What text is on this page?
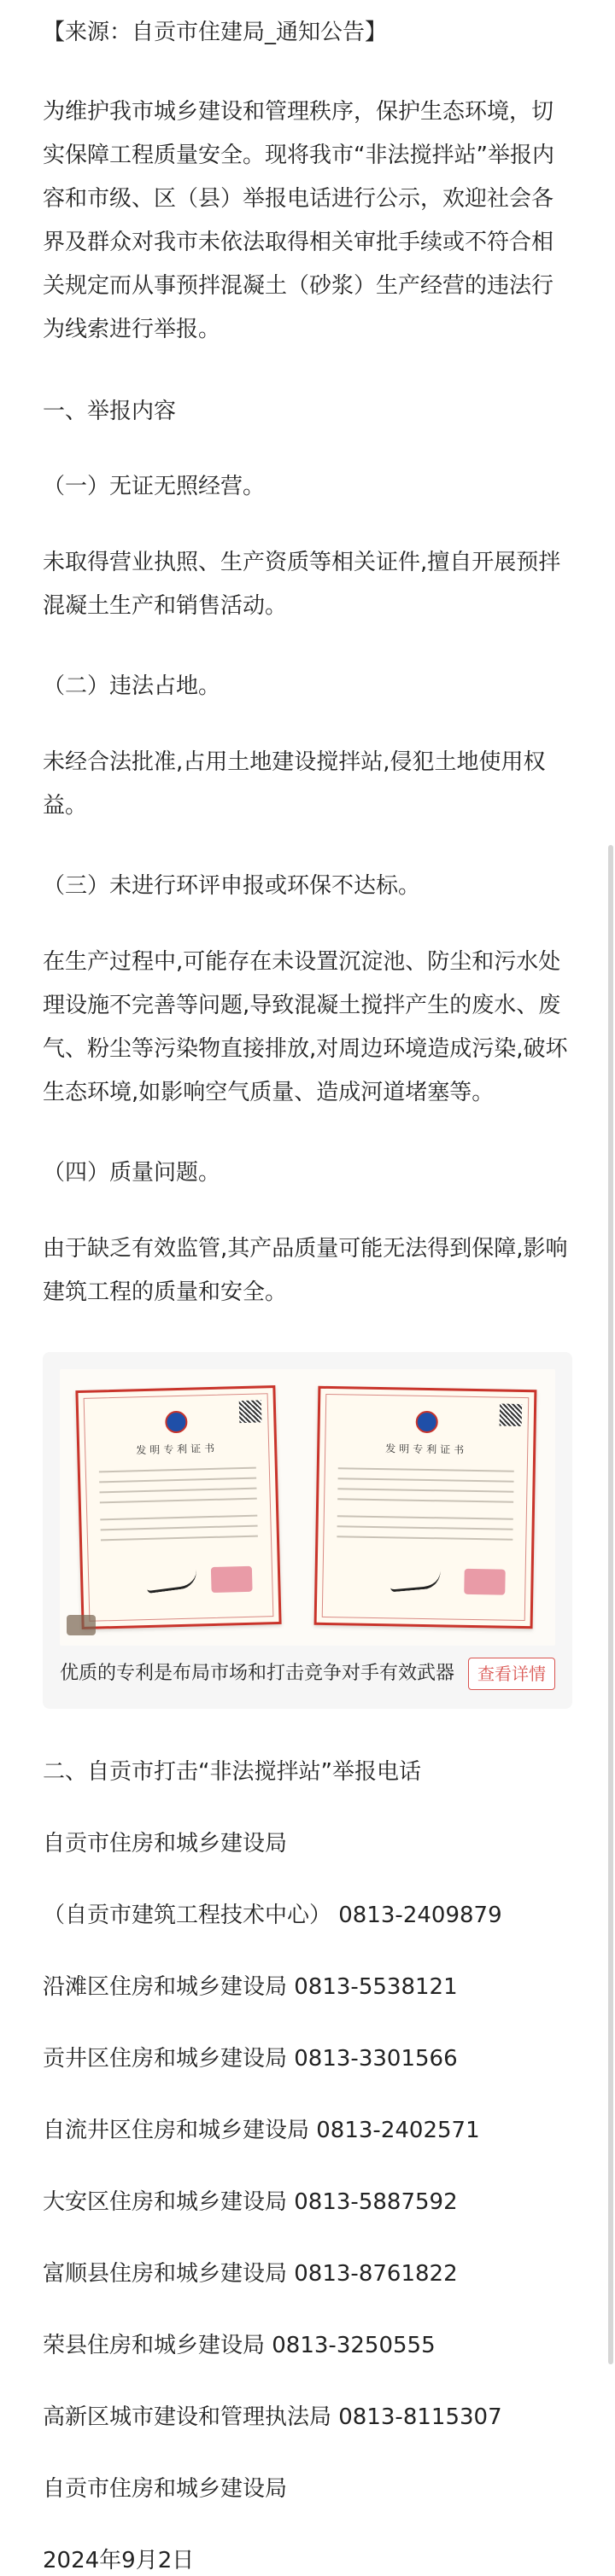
【来源：自贡市住建局_通知公告】

为维护我市城乡建设和管理秩序，保护生态环境，切实保障工程质量安全。现将我市“非法搅拌站”举报内容和市级、区（县）举报电话进行公示，欢迎社会各界及群众对我市未依法取得相关审批手续或不符合相关规定而从事预拌混凝土（砂浆）生产经营的违法行为线索进行举报。

一、举报内容

（一）无证无照经营。

未取得营业执照、生产资质等相关证件,擅自开展预拌混凝土生产和销售活动。

（二）违法占地。

未经合法批准,占用土地建设搅拌站,侵犯土地使用权益。

（三）未进行环评申报或环保不达标。

在生产过程中,可能存在未设置沉淀池、防尘和污水处理设施不完善等问题,导致混凝土搅拌产生的废水、废气、粉尘等污染物直接排放,对周边环境造成污染,破坏生态环境,如影响空气质量、造成河道堵塞等。

（四）质量问题。

由于缺乏有效监管,其产品质量可能无法得到保障,影响建筑工程的质量和安全。

发明专利证书	发明专利证书
优质的专利是布局市场和打击竞争对手有效武器	查看详情

二、自贡市打击“非法搅拌站”举报电话

自贡市住房和城乡建设局

（自贡市建筑工程技术中心） 0813-2409879

沿滩区住房和城乡建设局 0813-5538121

贡井区住房和城乡建设局 0813-3301566

自流井区住房和城乡建设局 0813-2402571

大安区住房和城乡建设局 0813-5887592

富顺县住房和城乡建设局 0813-8761822

荣县住房和城乡建设局 0813-3250555

高新区城市建设和管理执法局 0813-8115307

自贡市住房和城乡建设局

2024年9月2日
